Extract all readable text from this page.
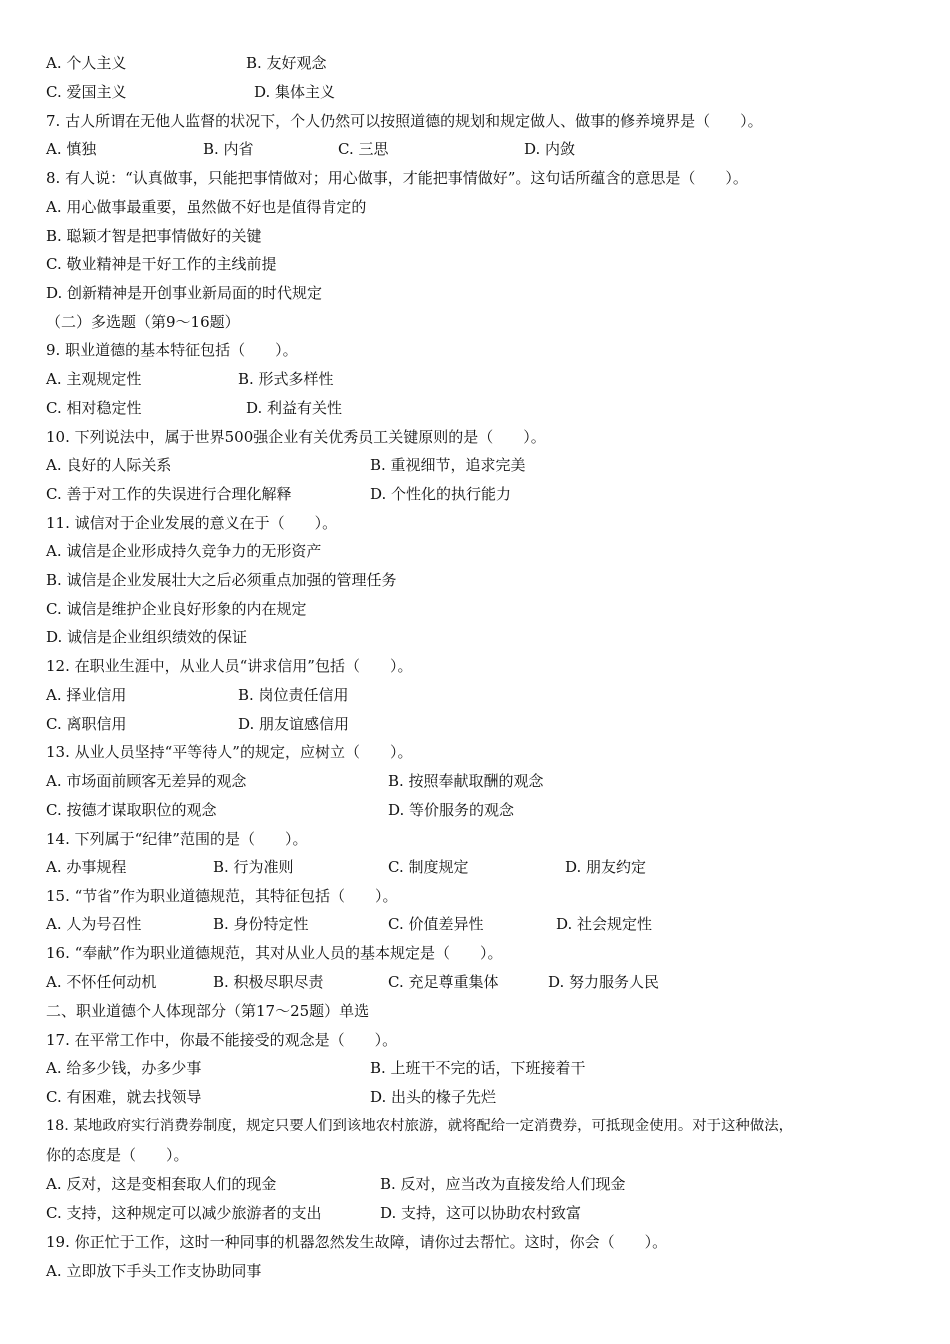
A. 个人主义	B. 友好观念
C. 爱国主义	D. 集体主义
7. 古人所谓在无他人监督的状况下，个人仍然可以按照道德的规划和规定做人、做事的修养境界是（　　）。
A. 慎独	B. 内省	C. 三思	D. 内敛
8. 有人说：“认真做事，只能把事情做对；用心做事，才能把事情做好”。这句话所蕴含的意思是（　　）。
A. 用心做事最重要，虽然做不好也是值得肯定的
B. 聪颖才智是把事情做好的关键
C. 敬业精神是干好工作的主线前提
D. 创新精神是开创事业新局面的时代规定
（二）多选题（第9～16题）
9. 职业道德的基本特征包括（　　）。
A. 主观规定性	B. 形式多样性
C. 相对稳定性	D. 利益有关性
10. 下列说法中，属于世界500强企业有关优秀员工关键原则的是（　　）。
A. 良好的人际关系	B. 重视细节，追求完美
C. 善于对工作的失误进行合理化解释	D. 个性化的执行能力
11. 诚信对于企业发展的意义在于（　　）。
A. 诚信是企业形成持久竞争力的无形资产
B. 诚信是企业发展壮大之后必须重点加强的管理任务
C. 诚信是维护企业良好形象的内在规定
D. 诚信是企业组织绩效的保证
12. 在职业生涯中，从业人员“讲求信用”包括（　　）。
A. 择业信用	B. 岗位责任信用
C. 离职信用	D. 朋友谊感信用
13. 从业人员坚持“平等待人”的规定，应树立（　　）。
A. 市场面前顾客无差异的观念	B. 按照奉献取酬的观念
C. 按德才谋取职位的观念	D. 等价服务的观念
14. 下列属于“纪律”范围的是（　　）。
A. 办事规程	B. 行为准则	C. 制度规定	D. 朋友约定
15. “节省”作为职业道德规范，其特征包括（　　）。
A. 人为号召性	B. 身份特定性	C. 价值差异性	D. 社会规定性
16. “奉献”作为职业道德规范，其对从业人员的基本规定是（　　）。
A. 不怀任何动机	B. 积极尽职尽责	C. 充足尊重集体	D. 努力服务人民
二、职业道德个人体现部分（第17～25题）单选
17. 在平常工作中，你最不能接受的观念是（　　）。
A. 给多少钱，办多少事	B. 上班干不完的话，下班接着干
C. 有困难，就去找领导	D. 出头的椽子先烂
18. 某地政府实行消费券制度，规定只要人们到该地农村旅游，就将配给一定消费券，可抵现金使用。对于这种做法，
你的态度是（　　）。
A. 反对，这是变相套取人们的现金	B. 反对，应当改为直接发给人们现金
C. 支持，这种规定可以减少旅游者的支出	D. 支持，这可以协助农村致富
19. 你正忙于工作，这时一种同事的机器忽然发生故障，请你过去帮忙。这时，你会（　　）。
A. 立即放下手头工作支协助同事
